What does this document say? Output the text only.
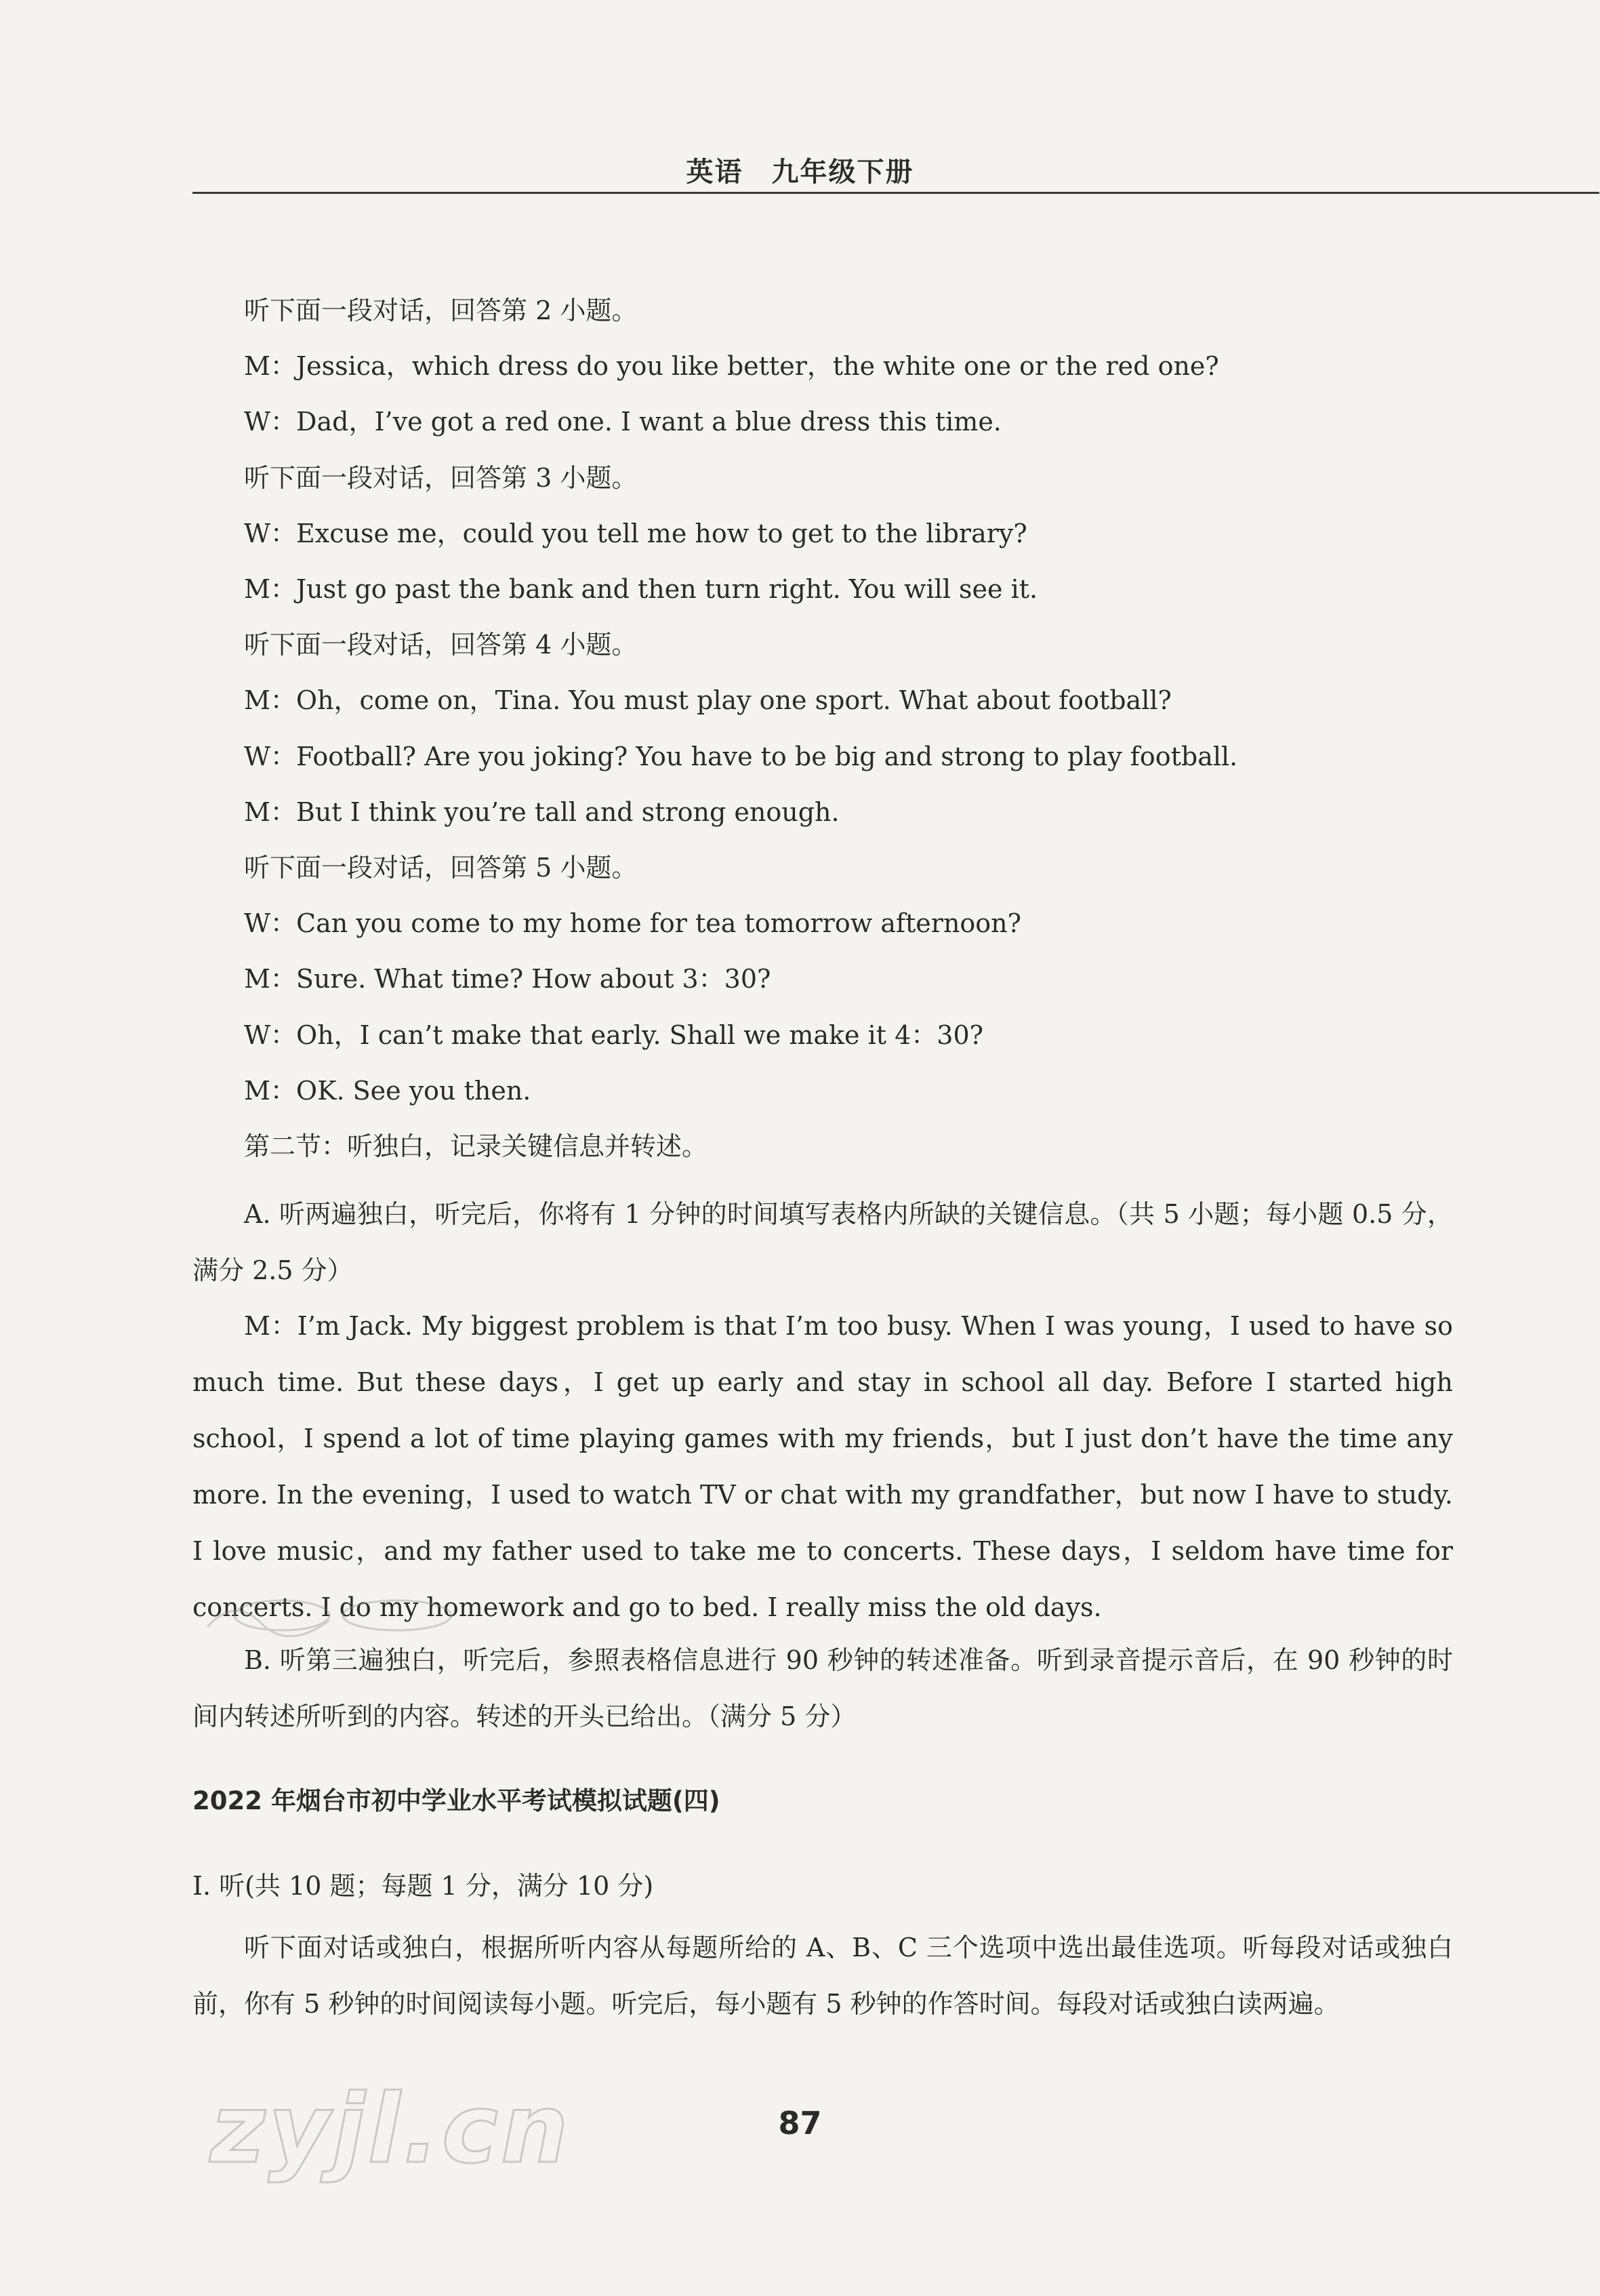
英语　九年级下册
听下面一段对话，回答第 2 小题。
M：Jessica，which dress do you like better，the white one or the red one?
W：Dad，I’ve got a red one. I want a blue dress this time.
听下面一段对话，回答第 3 小题。
W：Excuse me，could you tell me how to get to the library?
M：Just go past the bank and then turn right. You will see it.
听下面一段对话，回答第 4 小题。
M：Oh，come on，Tina. You must play one sport. What about football?
W：Football? Are you joking? You have to be big and strong to play football.
M：But I think you’re tall and strong enough.
听下面一段对话，回答第 5 小题。
W：Can you come to my home for tea tomorrow afternoon?
M：Sure. What time? How about 3：30?
W：Oh，I can’t make that early. Shall we make it 4：30?
M：OK. See you then.
第二节：听独白，记录关键信息并转述。
A. 听两遍独白，听完后，你将有 1 分钟的时间填写表格内所缺的关键信息。（共 5 小题；每小题 0.5 分，满分 2.5 分）
M：I’m Jack. My biggest problem is that I’m too busy. When I was young，I used to have so much time. But these days，I get up early and stay in school all day. Before I started high school，I spend a lot of time playing games with my friends，but I just don’t have the time any more. In the evening，I used to watch TV or chat with my grandfather，but now I have to study. I love music，and my father used to take me to concerts. These days，I seldom have time for concerts. I do my homework and go to bed. I really miss the old days.
B. 听第三遍独白，听完后，参照表格信息进行 90 秒钟的转述准备。听到录音提示音后，在 90 秒钟的时间内转述所听到的内容。转述的开头已给出。（满分 5 分）
2022 年烟台市初中学业水平考试模拟试题(四)
Ⅰ. 听(共 10 题；每题 1 分，满分 10 分)
听下面对话或独白，根据所听内容从每题所给的 A、B、C 三个选项中选出最佳选项。听每段对话或独白前，你有 5 秒钟的时间阅读每小题。听完后，每小题有 5 秒钟的作答时间。每段对话或独白读两遍。
zyjl.cn	87
